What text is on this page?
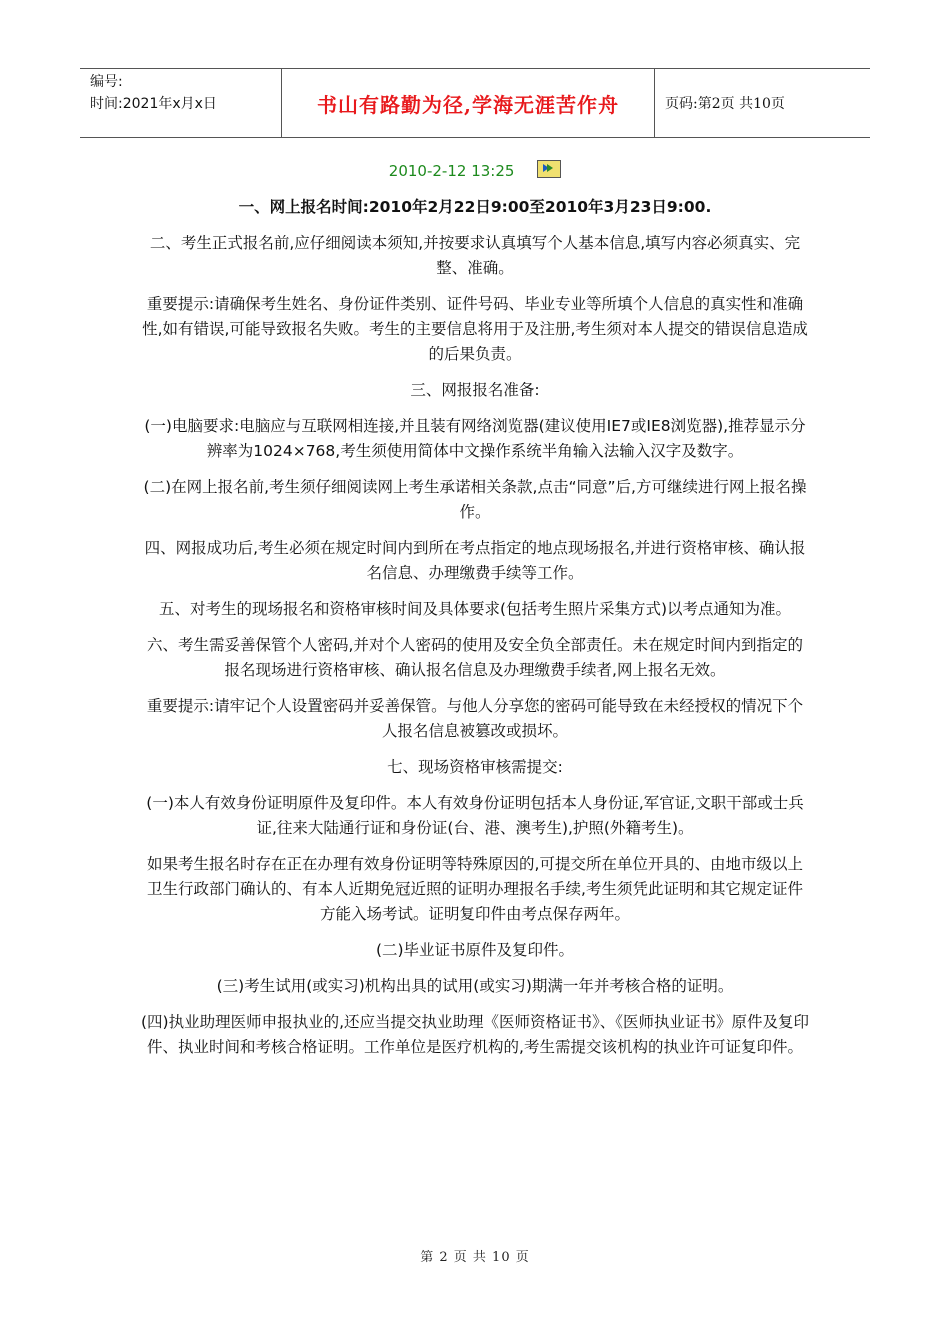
编号:
时间:2021年x月x日	书山有路勤为径,学海无涯苦作舟	页码:第2页 共10页
2010-2-12 13:25

一、网上报名时间:2010年2月22日9:00至2010年3月23日9:00.

二、考生正式报名前,应仔细阅读本须知,并按要求认真填写个人基本信息,填写内容必须真实、完整、准确。

重要提示:请确保考生姓名、身份证件类别、证件号码、毕业专业等所填个人信息的真实性和准确性,如有错误,可能导致报名失败。考生的主要信息将用于及注册,考生须对本人提交的错误信息造成的后果负责。

三、网报报名准备:

(一)电脑要求:电脑应与互联网相连接,并且装有网络浏览器(建议使用IE7或IE8浏览器),推荐显示分辨率为1024×768,考生须使用简体中文操作系统半角输入法输入汉字及数字。

(二)在网上报名前,考生须仔细阅读网上考生承诺相关条款,点击“同意”后,方可继续进行网上报名操作。

四、网报成功后,考生必须在规定时间内到所在考点指定的地点现场报名,并进行资格审核、确认报名信息、办理缴费手续等工作。

五、对考生的现场报名和资格审核时间及具体要求(包括考生照片采集方式)以考点通知为准。

六、考生需妥善保管个人密码,并对个人密码的使用及安全负全部责任。未在规定时间内到指定的报名现场进行资格审核、确认报名信息及办理缴费手续者,网上报名无效。

重要提示:请牢记个人设置密码并妥善保管。与他人分享您的密码可能导致在未经授权的情况下个人报名信息被篡改或损坏。

七、现场资格审核需提交:

(一)本人有效身份证明原件及复印件。本人有效身份证明包括本人身份证,军官证,文职干部或士兵证,往来大陆通行证和身份证(台、港、澳考生),护照(外籍考生)。

如果考生报名时存在正在办理有效身份证明等特殊原因的,可提交所在单位开具的、由地市级以上卫生行政部门确认的、有本人近期免冠近照的证明办理报名手续,考生须凭此证明和其它规定证件方能入场考试。证明复印件由考点保存两年。

(二)毕业证书原件及复印件。

(三)考生试用(或实习)机构出具的试用(或实习)期满一年并考核合格的证明。

(四)执业助理医师申报执业的,还应当提交执业助理《医师资格证书》、《医师执业证书》原件及复印件、执业时间和考核合格证明。工作单位是医疗机构的,考生需提交该机构的执业许可证复印件。

第 2 页 共 10 页
